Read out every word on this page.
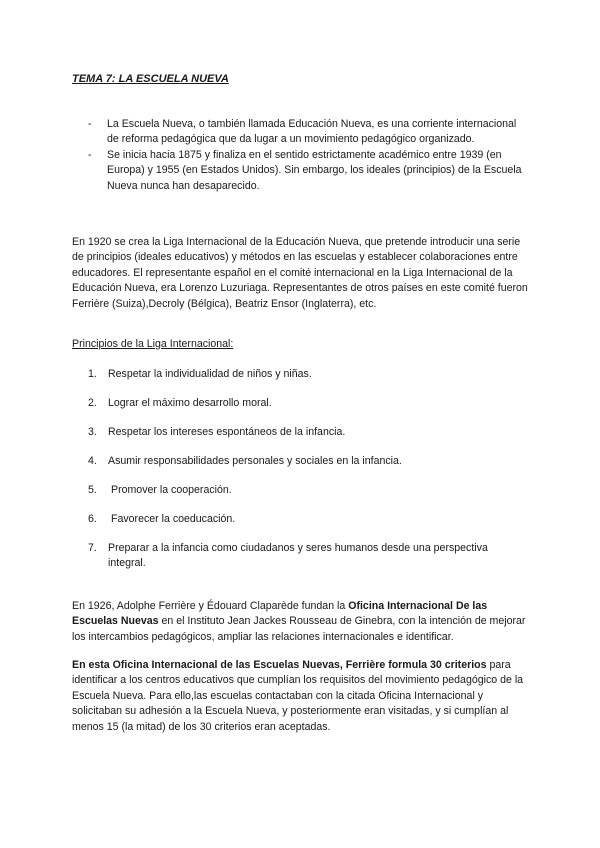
TEMA 7: LA ESCUELA NUEVA
-	La Escuela Nueva, o también llamada Educación Nueva, es una corriente internacional de reforma pedagógica que da lugar a un movimiento pedagógico organizado.
-	Se inicia hacia 1875 y finaliza en el sentido estrictamente académico entre 1939 (en Europa) y 1955 (en Estados Unidos). Sin embargo, los ideales (principios) de la Escuela Nueva nunca han desaparecido.
En 1920 se crea la Liga Internacional de la Educación Nueva, que pretende introducir una serie de principios (ideales educativos) y métodos en las escuelas y establecer colaboraciones entre educadores. El representante español en el comité internacional en la Liga Internacional de la Educación Nueva, era Lorenzo Luzuriaga. Representantes de otros países en este comité fueron Ferrière (Suiza),Decroly (Bélgica), Beatriz Ensor (Inglaterra), etc.
Principios de la Liga Internacional:
1.	Respetar la individualidad de niños y niñas.
2.	Lograr el máximo desarrollo moral.
3.	Respetar los intereses espontáneos de la infancia.
4.	Asumir responsabilidades personales y sociales en la infancia.
5.	Promover la cooperación.
6.	Favorecer la coeducación.
7.	Preparar a la infancia como ciudadanos y seres humanos desde una perspectiva integral.
En 1926, Adolphe Ferrière y Édouard Claparède fundan la Oficina Internacional De las Escuelas Nuevas en el Instituto Jean Jackes Rousseau de Ginebra, con la intención de mejorar los intercambios pedagógicos, ampliar las relaciones internacionales e identificar.
En esta Oficina Internacional de las Escuelas Nuevas, Ferrière formula 30 criterios para identificar a los centros educativos que cumplían los requisitos del movimiento pedagógico de la Escuela Nueva. Para ello,las escuelas contactaban con la citada Oficina Internacional y solicitaban su adhesión a la Escuela Nueva, y posteriormente eran visitadas, y si cumplían al menos 15 (la mitad) de los 30 criterios eran aceptadas.
